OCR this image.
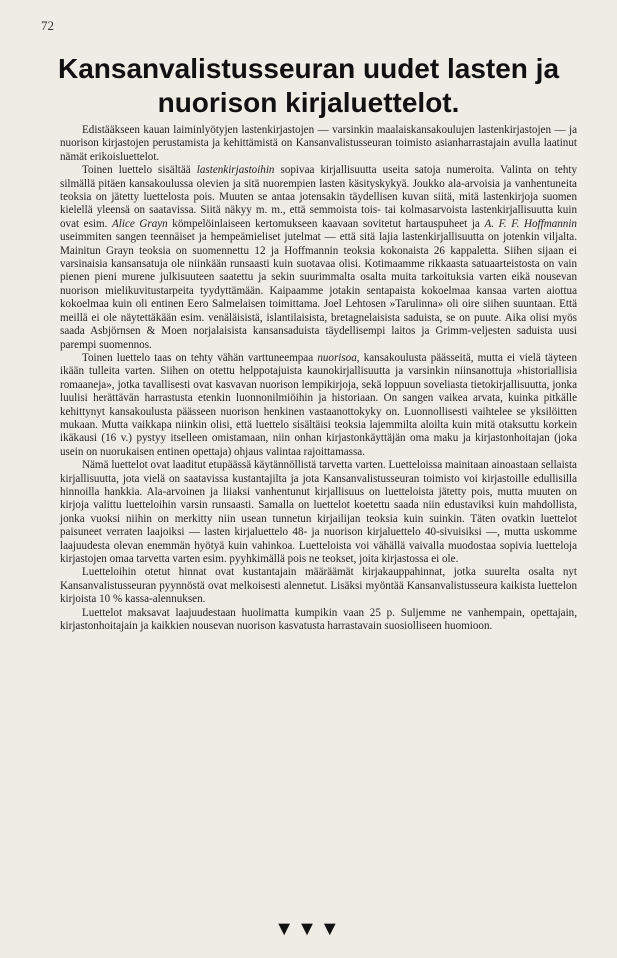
72
Kansanvalistusseuran uudet lasten ja
nuorison kirjaluettelot.

Edistääkseen kauan laiminlyötyjen lastenkirjastojen — varsinkin maalaiskansakoulujen lastenkirjastojen — ja nuorison kirjastojen perustamista ja kehittämistä on Kansanvalistusseuran toimisto asianharrastajain avulla laatinut nämät erikoisluettelot.

Toinen luettelo sisältää lastenkirjastoihin sopivaa kirjallisuutta useita satoja numeroita. Valinta on tehty silmällä pitäen kansakoulussa olevien ja sitä nuorempien lasten käsityskykyä. Joukko ala-arvoisia ja vanhentuneita teoksia on jätetty luettelosta pois. Muuten se antaa jotensakin täydellisen kuvan siitä, mitä lastenkirjoja suomen kielellä yleensä on saatavissa. Siitä näkyy m. m., että semmoista tois- tai kolmasarvoista lastenkirjallisuutta kuin ovat esim. Alice Grayn kömpelöinlaiseen kertomukseen kaavaan sovitetut hartauspuheet ja A. F. F. Hoffmannin useimmiten sangen teennäiset ja hempeämieliset jutelmat — että sitä lajia lastenkirjallisuutta on jotenkin viljalta. Mainitun Grayn teoksia on suomennettu 12 ja Hoffmannin teoksia kokonaista 26 kappaletta. Siihen sijaan ei varsinaisia kansansatuja ole niinkään runsaasti kuin suotavaa olisi. Kotimaamme rikkaasta satuaarteistosta on vain pienen pieni murene julkisuuteen saatettu ja sekin suurimmalta osalta muita tarkoituksia varten eikä nousevan nuorison mielikuvitustarpeita tyydyttämään. Kaipaamme jotakin sentapaista kokoelmaa kansaa varten aiottua kokoelmaa kuin oli entinen Eero Salmelaisen toimittama. Joel Lehtosen »Tarulinna» oli oire siihen suuntaan. Että meillä ei ole näytettäkään esim. venäläisistä, islantilaisista, bretagnelaisista saduista, se on puute. Aika olisi myös saada Asbjörnsen & Moen norjalaisista kansansaduista täydellisempi laitos ja Grimm-veljesten saduista uusi parempi suomennos.

Toinen luettelo taas on tehty vähän varttuneempaa nuorisoa, kansakoulusta päässeitä, mutta ei vielä täyteen ikään tulleita varten. Siihen on otettu helppotajuista kaunokirjallisuutta ja varsinkin niinsanottuja »historiallisia romaaneja», jotka tavallisesti ovat kasvavan nuorison lempikirjoja, sekä loppuun soveliasta tietokirjallisuutta, jonka luulisi herättävän harrastusta etenkin luonnonilmiöihin ja historiaan. On sangen vaikea arvata, kuinka pitkälle kehittynyt kansakoulusta päässeen nuorison henkinen vastaanottokyky on. Luonnollisesti vaihtelee se yksilöitten mukaan. Mutta vaikkapa niinkin olisi, että luettelo sisältäisi teoksia lajemmilta aloilta kuin mitä otaksuttu korkein ikäkausi (16 v.) pystyy itselleen omistamaan, niin onhan kirjastonkäyttäjän oma maku ja kirjastonhoitajan (joka usein on nuorukaisen entinen opettaja) ohjaus valintaa rajoittamassa.

Nämä luettelot ovat laaditut etupäässä käytännöllistä tarvetta varten. Luetteloissa mainitaan ainoastaan sellaista kirjallisuutta, jota vielä on saatavissa kustantajilta ja jota Kansanvalistusseuran toimisto voi kirjastoille edullisilla hinnoilla hankkia. Ala-arvoinen ja liiaksi vanhentunut kirjallisuus on luetteloista jätetty pois, mutta muuten on kirjoja valittu luetteloihin varsin runsaasti. Samalla on luettelot koetettu saada niin edustaviksi kuin mahdollista, jonka vuoksi niihin on merkitty niin usean tunnetun kirjailijan teoksia kuin suinkin. Täten ovatkin luettelot paisuneet verraten laajoiksi — lasten kirjaluettelo 48- ja nuorison kirjaluettelo 40-sivuisiksi —, mutta uskomme laajuudesta olevan enemmän hyötyä kuin vahinkoa. Luetteloista voi vähällä vaivalla muodostaa sopivia luetteloja kirjastojen omaa tarvetta varten esim. pyyhkimällä pois ne teokset, joita kirjastossa ei ole.

Luetteloihin otetut hinnat ovat kustantajain määräämät kirjakauppahinnat, jotka suurelta osalta nyt Kansanvalistusseuran pyynnöstä ovat melkoisesti alennetut. Lisäksi myöntää Kansanvalistusseura kaikista luettelon kirjoista 10 % kassa-alennuksen.

Luettelot maksavat laajuudestaan huolimatta kumpikin vaan 25 p. Suljemme ne vanhempain, opettajain, kirjastonhoitajain ja kaikkien nousevan nuorison kasvatusta harrastavain suosiolliseen huomioon.

▼▼▼
